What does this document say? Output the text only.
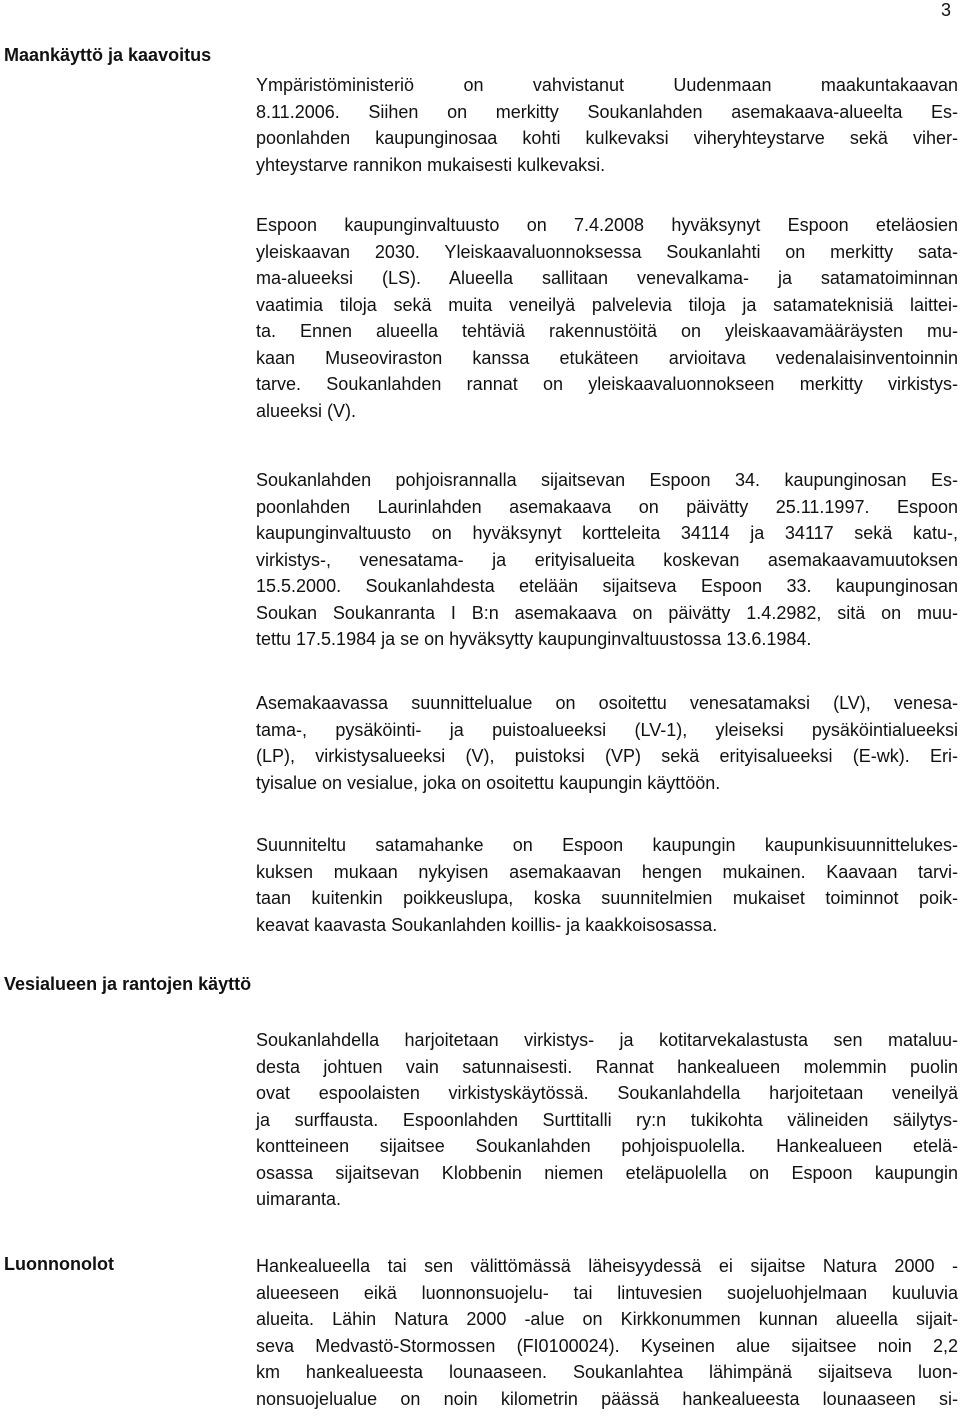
3
Maankäyttö ja kaavoitus
Vesialueen ja rantojen käyttö
Luonnonolot
Ympäristöministeriö on vahvistanut Uudenmaan maakuntakaavan
8.11.2006. Siihen on merkitty Soukanlahden asemakaava-alueelta Es-
poonlahden kaupunginosaa kohti kulkevaksi viheryhteystarve sekä viher-
yhteystarve rannikon mukaisesti kulkevaksi.
Espoon kaupunginvaltuusto on 7.4.2008 hyväksynyt Espoon eteläosien
yleiskaavan 2030. Yleiskaavaluonnoksessa Soukanlahti on merkitty sata-
ma-alueeksi (LS). Alueella sallitaan venevalkama- ja satamatoiminnan
vaatimia tiloja sekä muita veneilyä palvelevia tiloja ja satamateknisiä laittei-
ta. Ennen alueella tehtäviä rakennustöitä on yleiskaavamääräysten mu-
kaan Museoviraston kanssa etukäteen arvioitava vedenalaisinventoinnin
tarve. Soukanlahden rannat on yleiskaavaluonnokseen merkitty virkistys-
alueeksi (V).
Soukanlahden pohjoisrannalla sijaitsevan Espoon 34. kaupunginosan Es-
poonlahden Laurinlahden asemakaava on päivätty 25.11.1997. Espoon
kaupunginvaltuusto on hyväksynyt kortteleita 34114 ja 34117 sekä katu-,
virkistys-, venesatama- ja erityisalueita koskevan asemakaavamuutoksen
15.5.2000. Soukanlahdesta etelään sijaitseva Espoon 33. kaupunginosan
Soukan Soukanranta I B:n asemakaava on päivätty 1.4.2982, sitä on muu-
tettu 17.5.1984 ja se on hyväksytty kaupunginvaltuustossa 13.6.1984.
Asemakaavassa suunnittelualue on osoitettu venesatamaksi (LV), venesa-
tama-, pysäköinti- ja puistoalueeksi (LV-1), yleiseksi pysäköintialueeksi
(LP), virkistysalueeksi (V), puistoksi (VP) sekä erityisalueeksi (E-wk). Eri-
tyisalue on vesialue, joka on osoitettu kaupungin käyttöön.
Suunniteltu satamahanke on Espoon kaupungin kaupunkisuunnittelukes-
kuksen mukaan nykyisen asemakaavan hengen mukainen. Kaavaan tarvi-
taan kuitenkin poikkeuslupa, koska suunnitelmien mukaiset toiminnot poik-
keavat kaavasta Soukanlahden koillis- ja kaakkoisosassa.
Soukanlahdella harjoitetaan virkistys- ja kotitarvekalastusta sen mataluu-
desta johtuen vain satunnaisesti. Rannat hankealueen molemmin puolin
ovat espoolaisten virkistyskäytössä. Soukanlahdella harjoitetaan veneilyä
ja surffausta. Espoonlahden Surttitalli ry:n tukikohta välineiden säilytys-
kontteineen sijaitsee Soukanlahden pohjoispuolella. Hankealueen etelä-
osassa sijaitsevan Klobbenin niemen eteläpuolella on Espoon kaupungin
uimaranta.
Hankealueella tai sen välittömässä läheisyydessä ei sijaitse Natura 2000 -
alueeseen eikä luonnonsuojelu- tai lintuvesien suojeluohjelmaan kuuluvia
alueita. Lähin Natura 2000 -alue on Kirkkonummen kunnan alueella sijait-
seva Medvastö-Stormossen (FI0100024). Kyseinen alue sijaitsee noin 2,2
km hankealueesta lounaaseen. Soukanlahtea lähimpänä sijaitseva luon-
nonsuojelualue on noin kilometrin päässä hankealueesta lounaaseen si-
